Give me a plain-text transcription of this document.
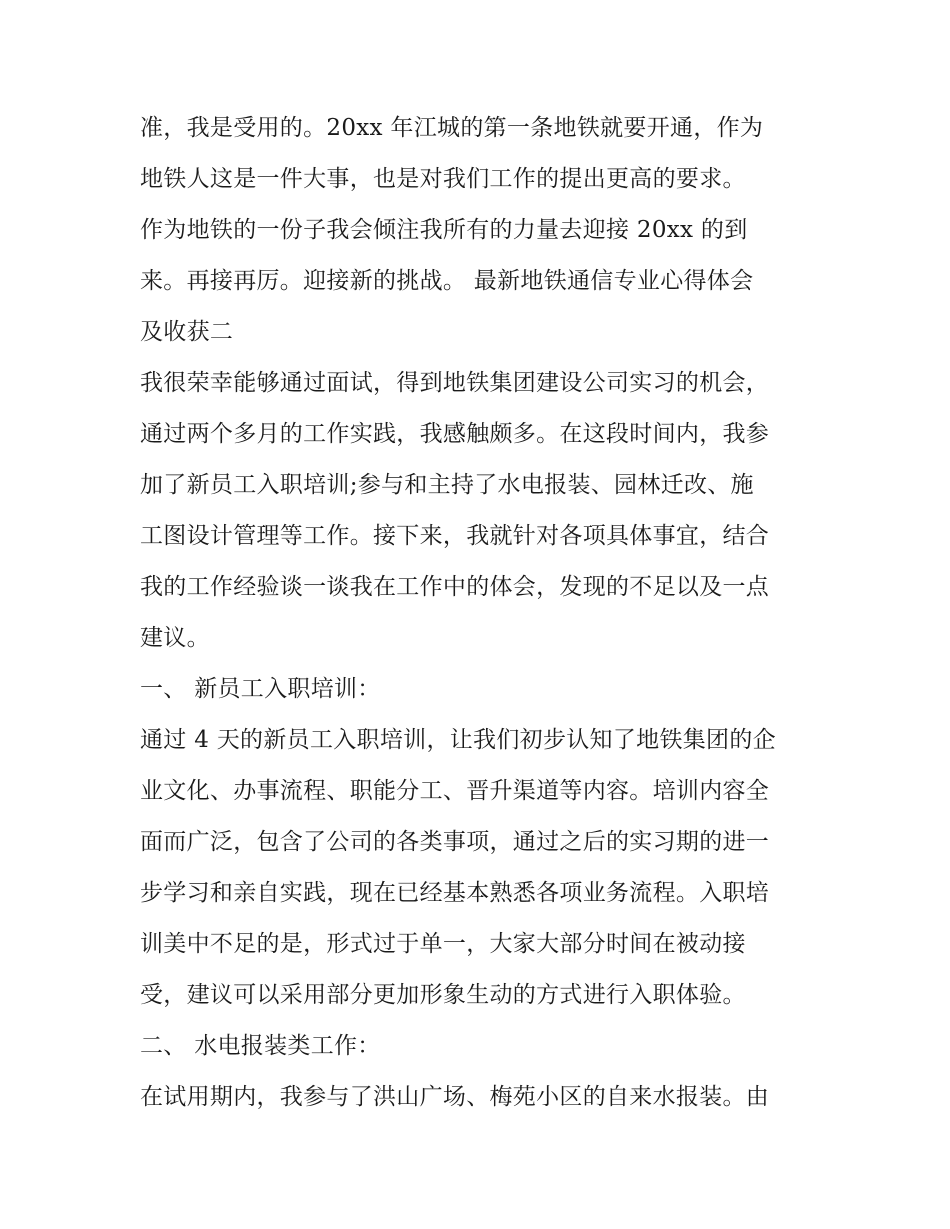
准，我是受用的。20xx 年江城的第一条地铁就要开通，作为
地铁人这是一件大事，也是对我们工作的提出更高的要求。
作为地铁的一份子我会倾注我所有的力量去迎接 20xx 的到
来。再接再厉。迎接新的挑战。 最新地铁通信专业心得体会
及收获二
我很荣幸能够通过面试，得到地铁集团建设公司实习的机会，
通过两个多月的工作实践，我感触颇多。在这段时间内，我参
加了新员工入职培训;参与和主持了水电报装、园林迁改、施
工图设计管理等工作。接下来，我就针对各项具体事宜，结合
我的工作经验谈一谈我在工作中的体会，发现的不足以及一点
建议。
一、 新员工入职培训：
通过 4 天的新员工入职培训，让我们初步认知了地铁集团的企
业文化、办事流程、职能分工、晋升渠道等内容。培训内容全
面而广泛，包含了公司的各类事项，通过之后的实习期的进一
步学习和亲自实践，现在已经基本熟悉各项业务流程。入职培
训美中不足的是，形式过于单一，大家大部分时间在被动接
受，建议可以采用部分更加形象生动的方式进行入职体验。
二、 水电报装类工作：
在试用期内，我参与了洪山广场、梅苑小区的自来水报装。由
